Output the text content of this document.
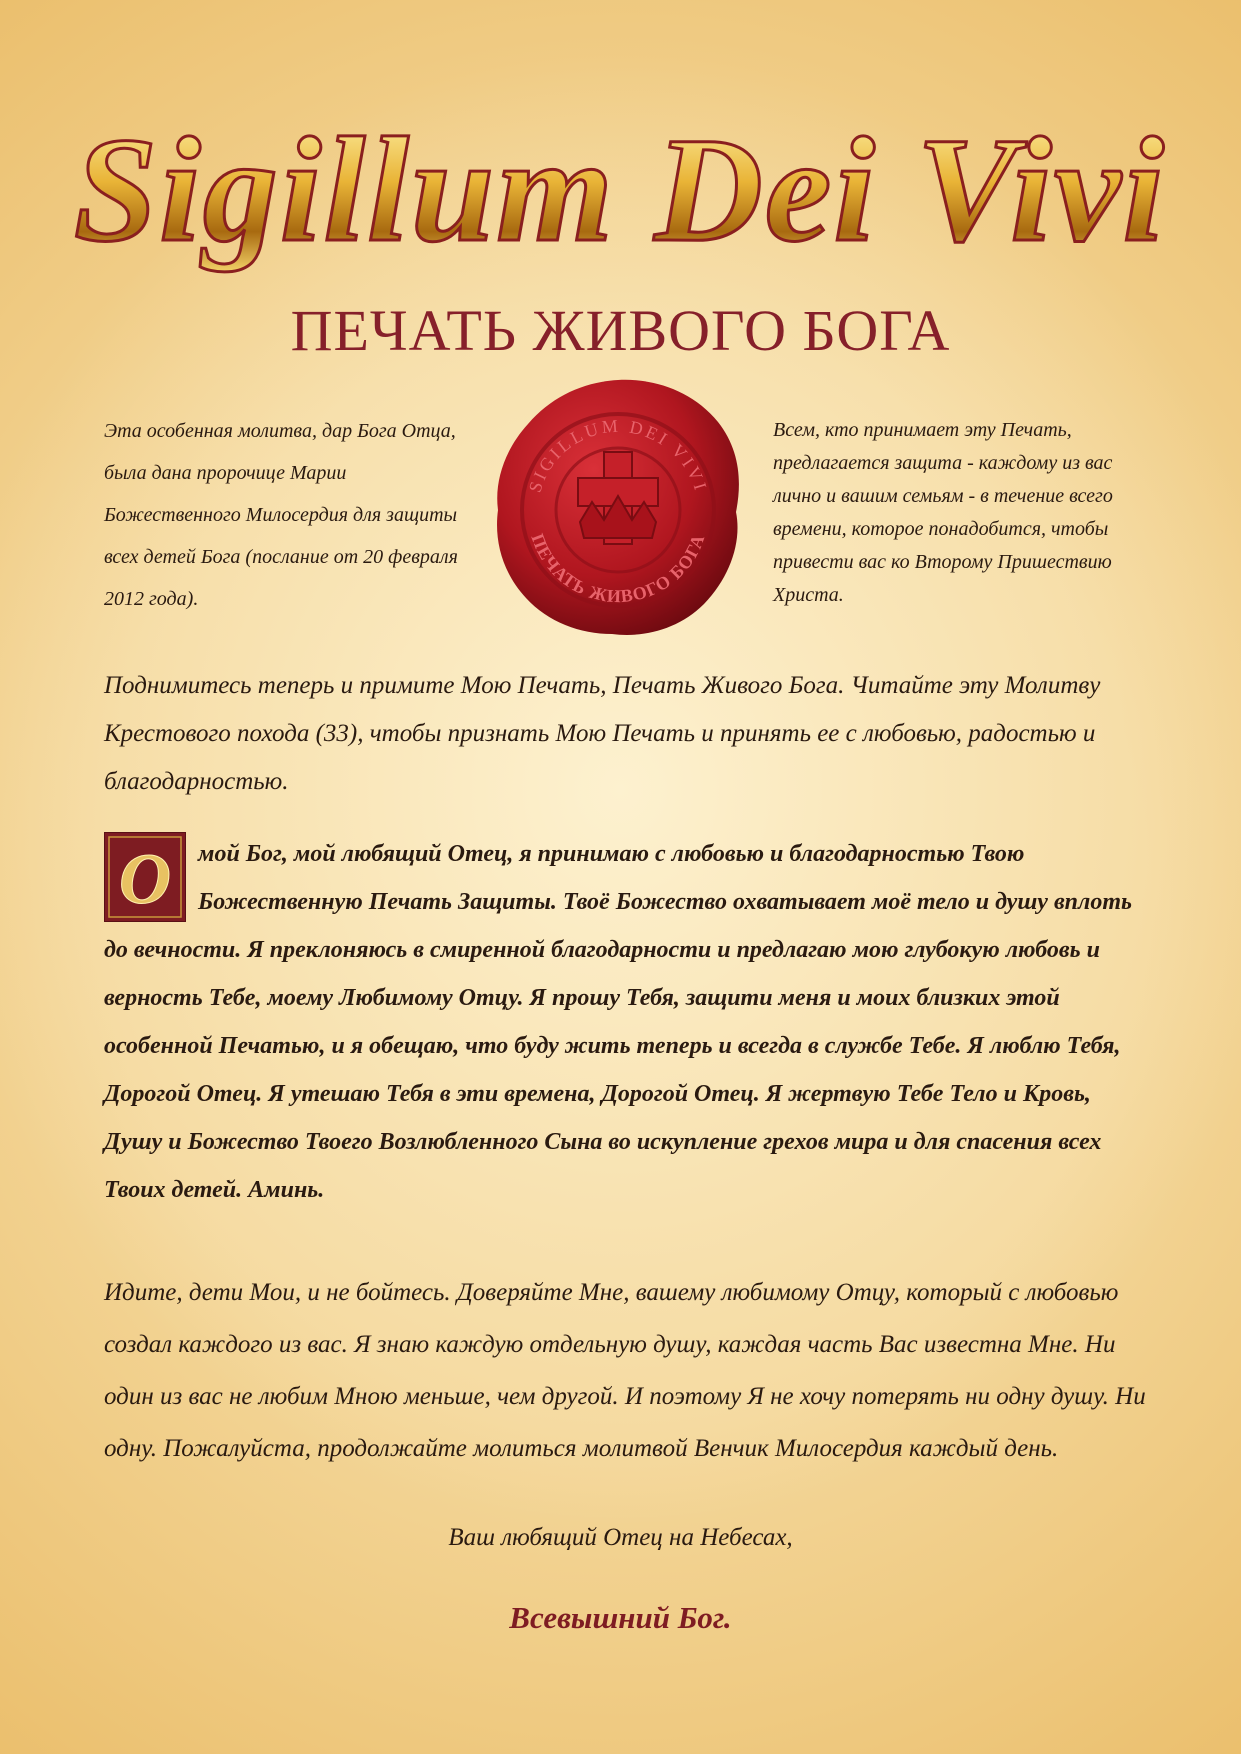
Sigillum Dei Vivi
ПЕЧАТЬ ЖИВОГО БОГА
Эта особенная молитва, дар Бога Отца, была дана пророчице Марии Божественного Милосердия для защиты всех детей Бога (послание от 20 февраля 2012 года).
SIGILLUM DEI VIVI
ПЕЧАТЬ ЖИВОГО БОГА
Всем, кто принимает эту Печать, предлагается защита - каждому из вас лично и вашим семьям - в течение всего времени, которое понадобится, чтобы привести вас ко Второму Пришествию Христа.
Поднимитесь теперь и примите Мою Печать, Печать Живого Бога. Читайте эту Молитву Крестового похода (33), чтобы признать Мою Печать и принять ее с любовью, радостью и благодарностью.
О мой Бог, мой любящий Отец, я принимаю с любовью и благодарностью Твою Божественную Печать Защиты. Твоё Божество охватывает моё тело и душу вплоть до вечности. Я преклоняюсь в смиренной благодарности и предлагаю мою глубокую любовь и верность Тебе, моему Любимому Отцу. Я прошу Тебя, защити меня и моих близких этой особенной Печатью, и я обещаю, что буду жить теперь и всегда в службе Тебе. Я люблю Тебя, Дорогой Отец. Я утешаю Тебя в эти времена, Дорогой Отец. Я жертвую Тебе Тело и Кровь, Душу и Божество Твоего Возлюбленного Сына во искупление грехов мира и для спасения всех Твоих детей. Аминь.
Идите, дети Мои, и не бойтесь. Доверяйте Мне, вашему любимому Отцу, который с любовью создал каждого из вас. Я знаю каждую отдельную душу, каждая часть Вас известна Мне. Ни один из вас не любим Мною меньше, чем другой. И поэтому Я не хочу потерять ни одну душу. Ни одну. Пожалуйста, продолжайте молиться молитвой Венчик Милосердия каждый день.
Ваш любящий Отец на Небесах,
Всевышний Бог.
